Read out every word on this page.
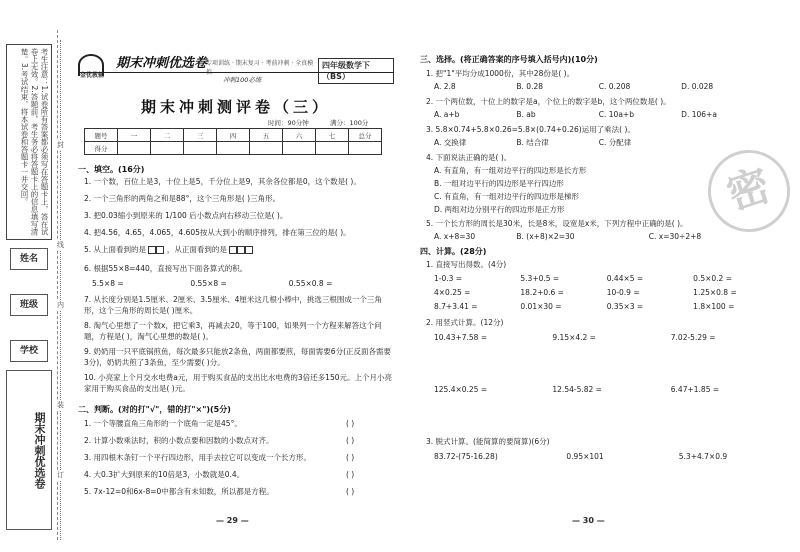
考生注意：1.试卷所有答案都必须写在答题卡上，答在试卷上无效。2.答题前，考生务必将答题卡上的信息填写清楚。3.考试结束，将本试卷和答题卡一并交回。
姓名
班级
学校
期末冲刺优选卷
封
线
内
装
订
金优教辅
期末冲刺优选卷
专项训练 · 期末复习 · 考前冲刺 · 全真模拟
四年级数学下（BS）
冲刺100必练
期末冲刺测评卷（三）
时间：90分钟	满分：100分
题号	一	二	三	四	五	六	七	总分
得分								
一、填空。(16分)
1. 一个数，百位上是3，十位上是5，千分位上是9，其余各位都是0，这个数是( )。
2. 一个三角形的两角之和是88°，这个三角形是( )三角形。
3. 把0.03缩小到原来的 1/100 后小数点向右移动三位是( )。
4. 把4.56，4.65，4.065，4.605按从大到小的顺序排列，排在第三位的是( )。
5. 从上面看到的是	，从正面看到的是
6. 根据55×8=440，直接写出下面各算式的积。
5.5×8 =	0.55×8 =	0.55×0.8 =
7. 从长度分别是1.5厘米、2厘米、3.5厘米、4厘米这几根小棒中，挑选三根围成一个三角形，这个三角形的周长是( )厘米。
8. 淘气心里想了一个数x，把它乘3，再减去20，等于100，如果列一个方程来解答这个问题，方程是( )，淘气心里想的数是( )。
9. 奶奶用一只平底锅煎鱼，每次最多只能放2条鱼，两面都要煎，每面需要6分(正反面各需要3分)，奶奶共煎了3条鱼，至少需要( )分。
10. 小亮家上个月交水电费a元，用于购买食品的支出比水电费的3倍还多150元。上个月小亮家用于购买食品的支出是( )元。
二、判断。(对的打"√"，错的打"×")(5分)
1. 一个等腰直角三角形的一个底角一定是45°。	( )
2. 计算小数乘法时，积的小数点要和因数的小数点对齐。	( )
3. 用四根木条钉一个平行四边形，用手去拉它可以变成一个长方形。	( )
4. 大0.3扩大到原来的10倍是3，小数就是0.4。	( )
5. 7x-12=0和6x-8=0中都含有未知数，所以都是方程。	( )
— 29 —
三、选择。(将正确答案的序号填入括号内)(10分)
1. 把"1"平均分成1000份，其中28份是( )。
A. 2.8	B. 0.28	C. 0.208	D. 0.028
2. 一个两位数，十位上的数字是a，个位上的数字是b，这个两位数是( )。
A. a+b	B. ab	C. 10a+b	D. 106+a
3. 5.8×0.74+5.8×0.26=5.8×(0.74+0.26)运用了乘法( )。
A. 交换律	B. 结合律	C. 分配律
4. 下面说法正确的是( )。
A. 有直角，有一组对边平行的四边形是长方形
B. 一组对边平行的四边形是平行四边形
C. 有直角，有一组对边平行的四边形是梯形
D. 两组对边分别平行的四边形是正方形
5. 一个长方形的周长是30米，长是8米，设宽是x米，下列方程中正确的是( )。
A. x+8=30	B. (x+8)×2=30	C. x=30÷2+8
四、计算。(28分)
1. 直接写出得数。(4分)
1-0.3 =	5.3+0.5 =	0.44×5 =	0.5×0.2 =
4×0.25 =	18.2+0.6 =	10-0.9 =	1.25×0.8 =
8.7+3.41 =	0.01×30 =	0.35×3 =	1.8×100 =
2. 用竖式计算。(12分)
10.43+7.58 =	9.15×4.2 =	7.02-5.29 =
125.4×0.25 =	12.54-5.82 =	6.47+1.85 =
3. 脱式计算。(能简算的要简算)(6分)
83.72-(75-16.28)	0.95×101	5.3+4.7×0.9
— 30 —
密
